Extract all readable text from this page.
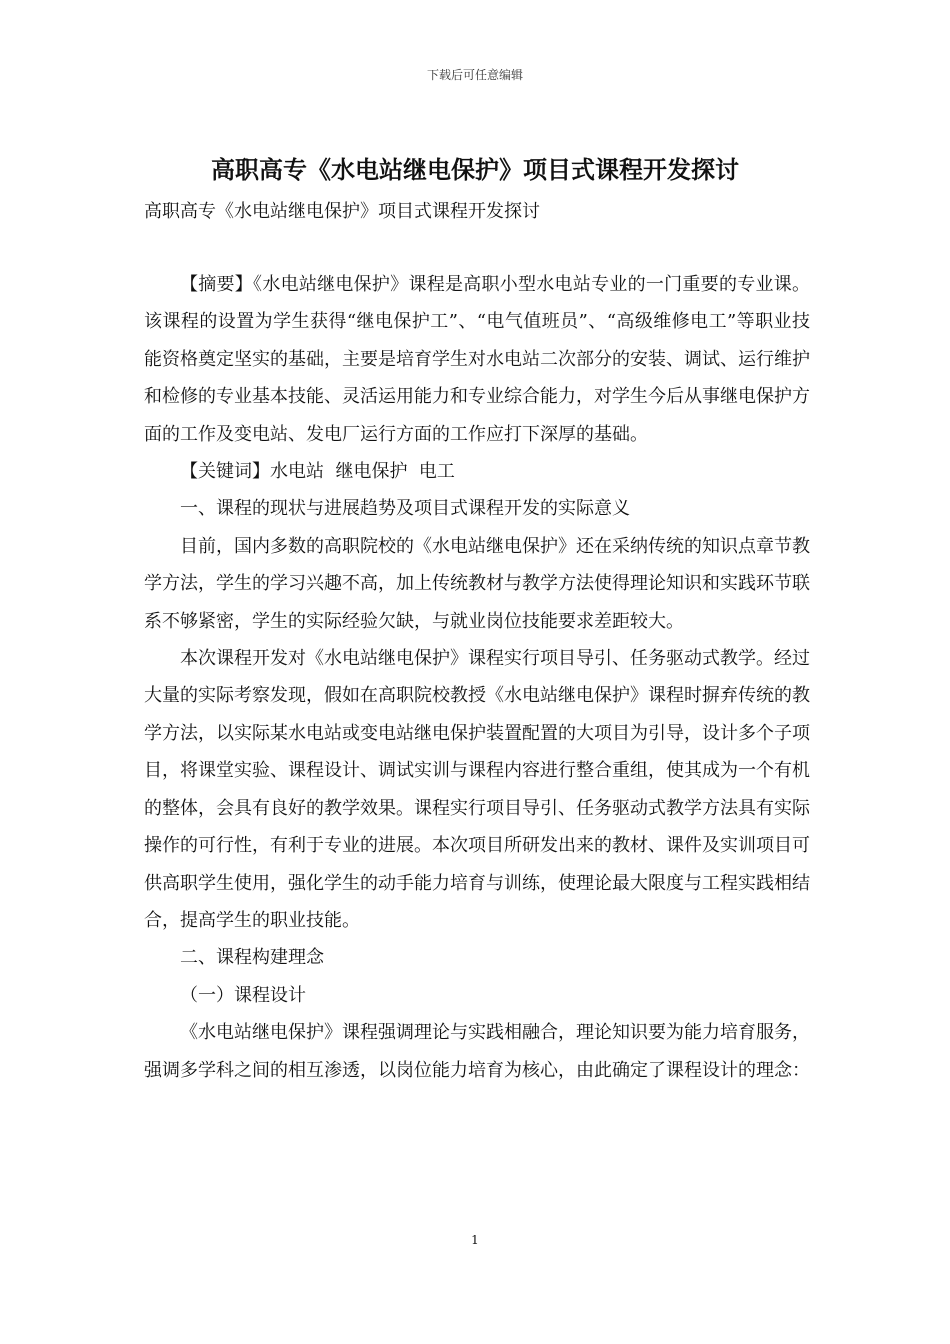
下载后可任意编辑
高职高专《水电站继电保护》项目式课程开发探讨

高职高专《水电站继电保护》项目式课程开发探讨

【摘要】《水电站继电保护》课程是高职小型水电站专业的一门重要的专业课。该课程的设置为学生获得“继电保护工”、“电气值班员”、“高级维修电工”等职业技能资格奠定坚实的基础，主要是培育学生对水电站二次部分的安装、调试、运行维护和检修的专业基本技能、灵活运用能力和专业综合能力，对学生今后从事继电保护方面的工作及变电站、发电厂运行方面的工作应打下深厚的基础。

【关键词】水电站  继电保护  电工

一、课程的现状与进展趋势及项目式课程开发的实际意义

目前，国内多数的高职院校的《水电站继电保护》还在采纳传统的知识点章节教学方法，学生的学习兴趣不高，加上传统教材与教学方法使得理论知识和实践环节联系不够紧密，学生的实际经验欠缺，与就业岗位技能要求差距较大。

本次课程开发对《水电站继电保护》课程实行项目导引、任务驱动式教学。经过大量的实际考察发现，假如在高职院校教授《水电站继电保护》课程时摒弃传统的教学方法，以实际某水电站或变电站继电保护装置配置的大项目为引导，设计多个子项目，将课堂实验、课程设计、调试实训与课程内容进行整合重组，使其成为一个有机的整体，会具有良好的教学效果。课程实行项目导引、任务驱动式教学方法具有实际操作的可行性，有利于专业的进展。本次项目所研发出来的教材、课件及实训项目可供高职学生使用，强化学生的动手能力培育与训练，使理论最大限度与工程实践相结合，提高学生的职业技能。

二、课程构建理念

（一）课程设计

《水电站继电保护》课程强调理论与实践相融合，理论知识要为能力培育服务，强调多学科之间的相互渗透，以岗位能力培育为核心，由此确定了课程设计的理念：

1
